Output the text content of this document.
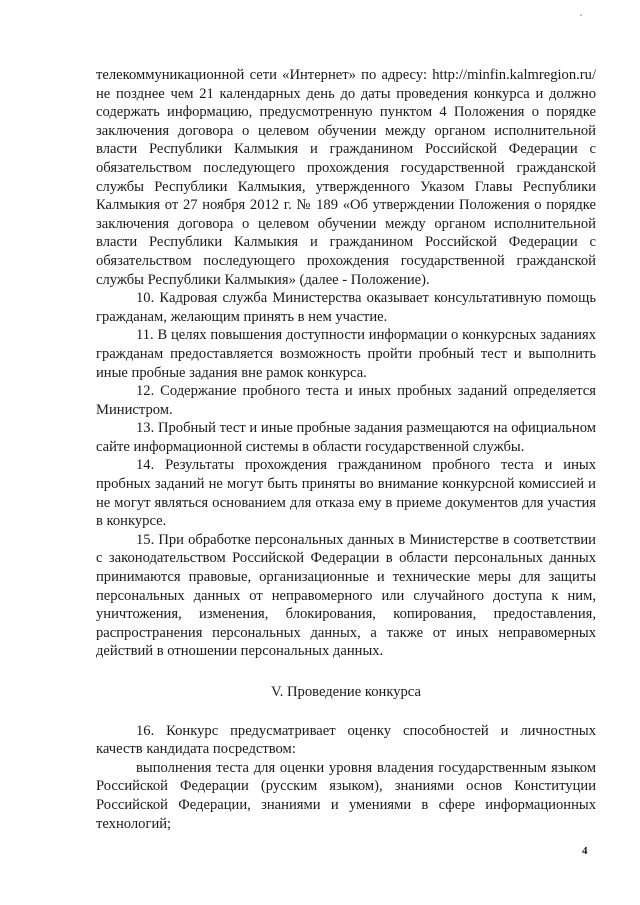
телекоммуникационной сети «Интернет» по адресу: http://minfin.kalmregion.ru/ не позднее чем 21 календарных день до даты проведения конкурса и должно содержать информацию, предусмотренную пунктом 4 Положения о порядке заключения договора о целевом обучении между органом исполнительной власти Республики Калмыкия и гражданином Российской Федерации с обязательством последующего прохождения государственной гражданской службы Республики Калмыкия, утвержденного Указом Главы Республики Калмыкия от 27 ноября 2012 г. № 189 «Об утверждении Положения о порядке заключения договора о целевом обучении между органом исполнительной власти Республики Калмыкия и гражданином Российской Федерации с обязательством последующего прохождения государственной гражданской службы Республики Калмыкия» (далее - Положение).

10. Кадровая служба Министерства оказывает консультативную помощь гражданам, желающим принять в нем участие.

11. В целях повышения доступности информации о конкурсных заданиях гражданам предоставляется возможность пройти пробный тест и выполнить иные пробные задания вне рамок конкурса.

12. Содержание пробного теста и иных пробных заданий определяется Министром.

13. Пробный тест и иные пробные задания размещаются на официальном сайте информационной системы в области государственной службы.

14. Результаты прохождения гражданином пробного теста и иных пробных заданий не могут быть приняты во внимание конкурсной комиссией и не могут являться основанием для отказа ему в приеме документов для участия в конкурсе.

15. При обработке персональных данных в Министерстве в соответствии с законодательством Российской Федерации в области персональных данных принимаются правовые, организационные и технические меры для защиты персональных данных от неправомерного или случайного доступа к ним, уничтожения, изменения, блокирования, копирования, предоставления, распространения персональных данных, а также от иных неправомерных действий в отношении персональных данных.

V. Проведение конкурса

16. Конкурс предусматривает оценку способностей и личностных качеств кандидата посредством:

выполнения теста для оценки уровня владения государственным языком Российской Федерации (русским языком), знаниями основ Конституции Российской Федерации, знаниями и умениями в сфере информационных технологий;

4
